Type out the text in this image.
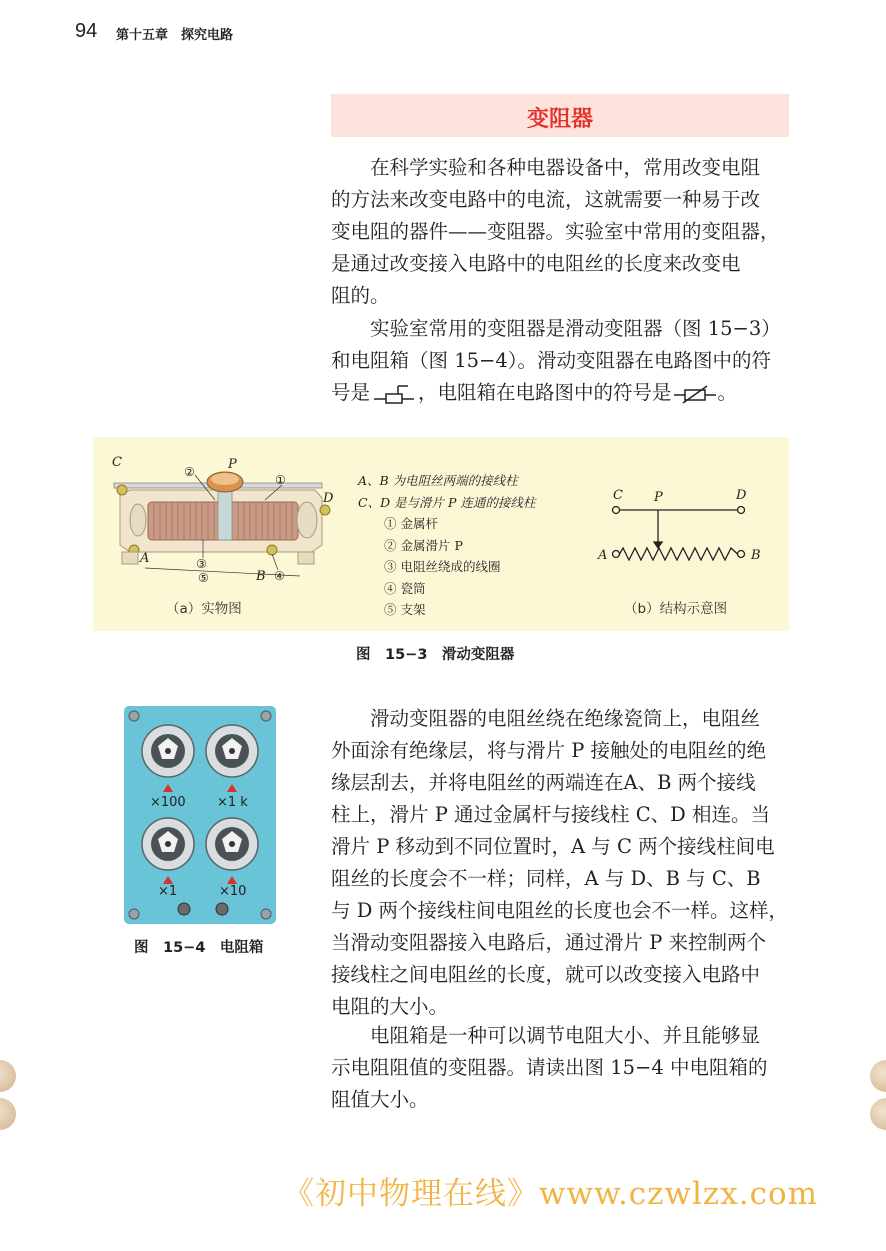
94 第十五章　探究电路
变阻器
在科学实验和各种电器设备中，常用改变电阻
的方法来改变电路中的电流，这就需要一种易于改
变电阻的器件——变阻器。实验室中常用的变阻器，
是通过改变接入电路中的电阻丝的长度来改变电
阻的。
实验室常用的变阻器是滑动变阻器（图 15−3）
和电阻箱（图 15−4）。滑动变阻器在电路图中的符
号是 ，电阻箱在电路图中的符号是 。
C	P
D
A
B
②
①
③
⑤	④
（a）实物图
A、B 为电阻丝两端的接线柱
C、D 是与滑片 P 连通的接线柱
① 金属杆
② 金属滑片 P
③ 电阻丝绕成的线圈
④ 瓷筒
⑤ 支架
C P	D
A	B
（b）结构示意图
图　15−3　滑动变阻器
×100 ×1 k
×1	×10
图　15−4　电阻箱
滑动变阻器的电阻丝绕在绝缘瓷筒上，电阻丝
外面涂有绝缘层，将与滑片 P 接触处的电阻丝的绝
缘层刮去，并将电阻丝的两端连在A、B 两个接线
柱上，滑片 P 通过金属杆与接线柱 C、D 相连。当
滑片 P 移动到不同位置时，A 与 C 两个接线柱间电
阻丝的长度会不一样；同样，A 与 D、B 与 C、B
与 D 两个接线柱间电阻丝的长度也会不一样。这样，
当滑动变阻器接入电路后，通过滑片 P 来控制两个
接线柱之间电阻丝的长度，就可以改变接入电路中
电阻的大小。
电阻箱是一种可以调节电阻大小、并且能够显
示电阻阻值的变阻器。请读出图 15−4 中电阻箱的
阻值大小。
《初中物理在线》www.czwlzx.com
